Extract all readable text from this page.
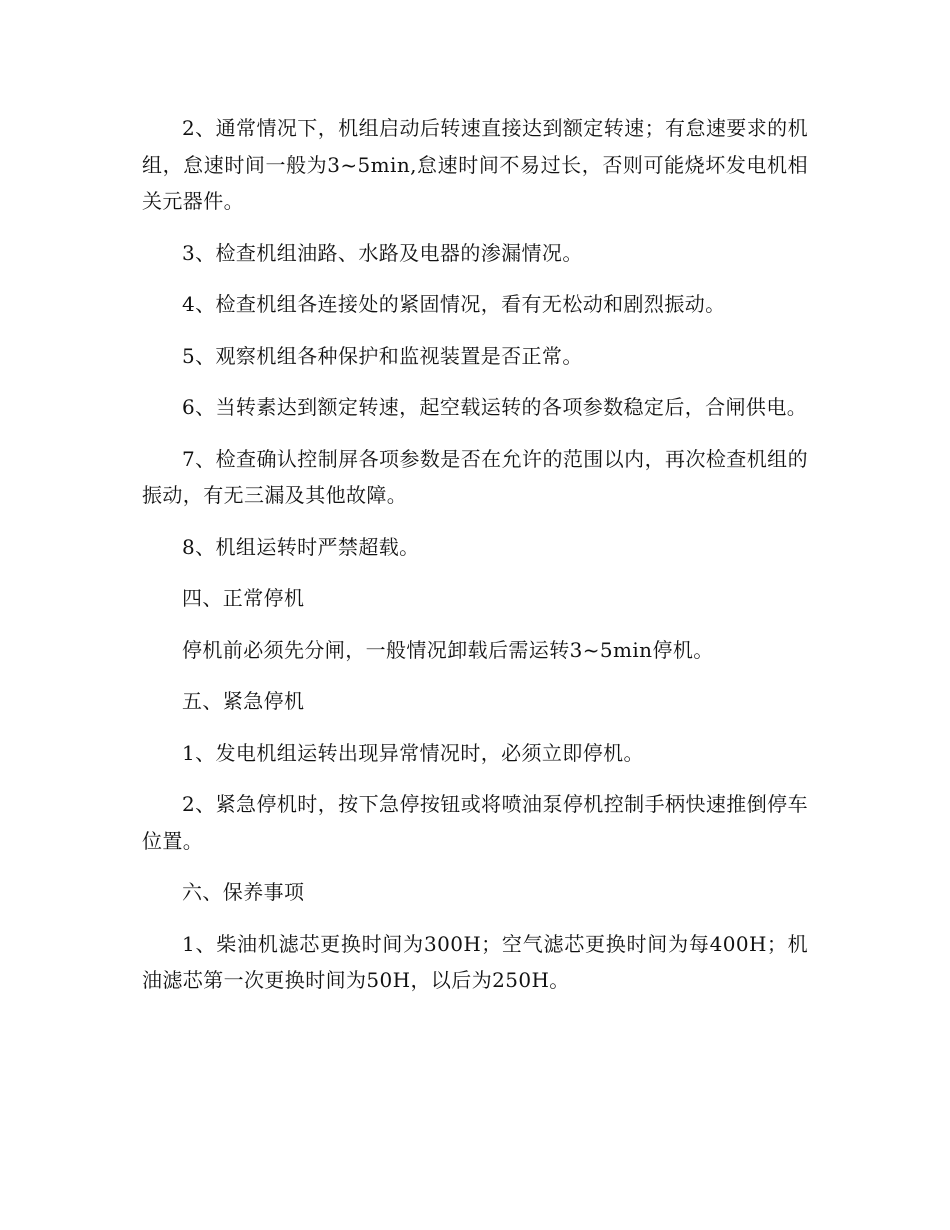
2、通常情况下，机组启动后转速直接达到额定转速；有怠速要求的机组，怠速时间一般为3~5min,怠速时间不易过长，否则可能烧坏发电机相关元器件。

3、检查机组油路、水路及电器的渗漏情况。

4、检查机组各连接处的紧固情况，看有无松动和剧烈振动。

5、观察机组各种保护和监视装置是否正常。

6、当转素达到额定转速，起空载运转的各项参数稳定后，合闸供电。

7、检查确认控制屏各项参数是否在允许的范围以内，再次检查机组的振动，有无三漏及其他故障。

8、机组运转时严禁超载。

四、正常停机

停机前必须先分闸，一般情况卸载后需运转3~5min停机。

五、紧急停机

1、发电机组运转出现异常情况时，必须立即停机。

2、紧急停机时，按下急停按钮或将喷油泵停机控制手柄快速推倒停车位置。

六、保养事项

1、柴油机滤芯更换时间为300H；空气滤芯更换时间为每400H；机油滤芯第一次更换时间为50H，以后为250H。
